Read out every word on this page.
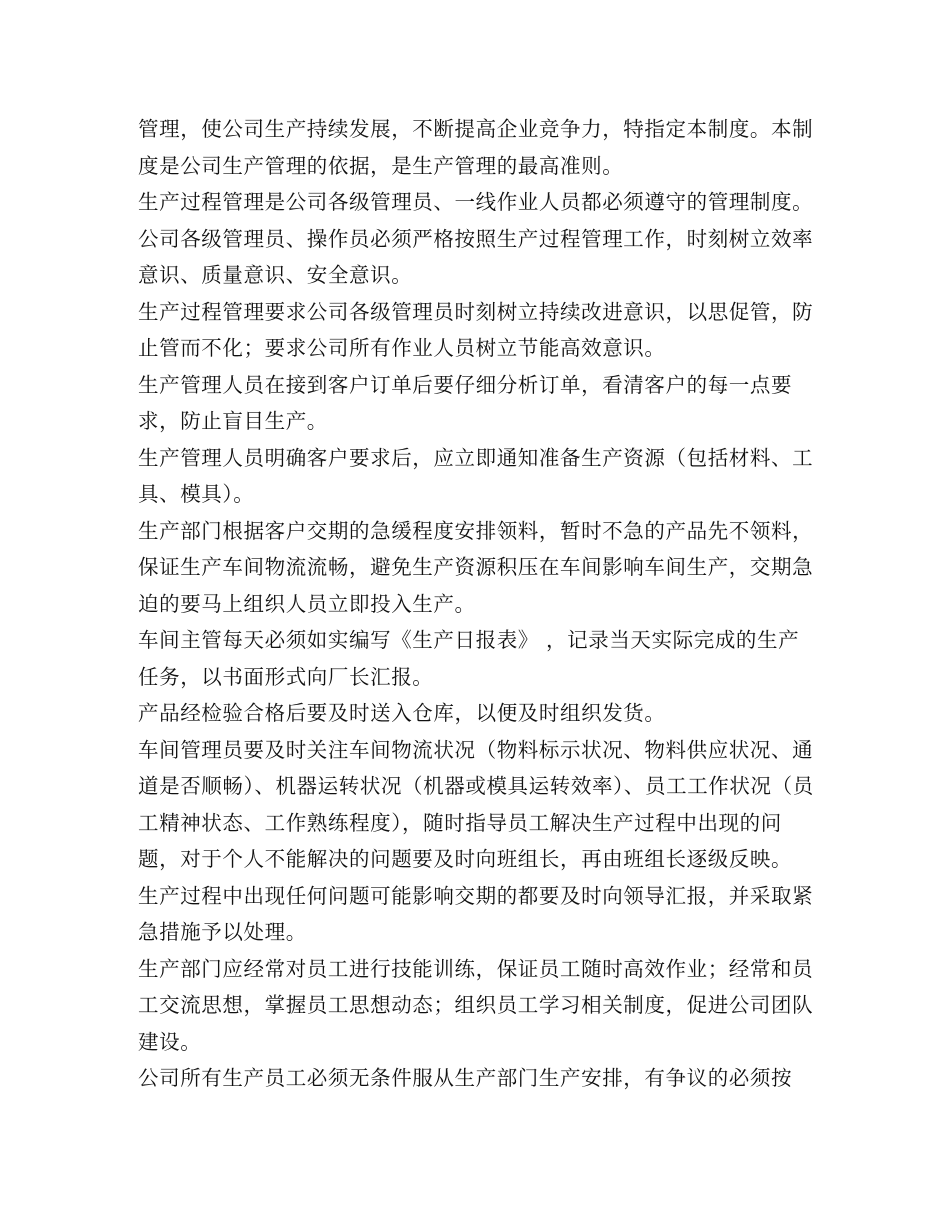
管理，使公司生产持续发展，不断提高企业竞争力，特指定本制度。本制度是公司生产管理的依据，是生产管理的最高准则。

生产过程管理是公司各级管理员、一线作业人员都必须遵守的管理制度。

公司各级管理员、操作员必须严格按照生产过程管理工作，时刻树立效率意识、质量意识、安全意识。

生产过程管理要求公司各级管理员时刻树立持续改进意识，以思促管，防止管而不化；要求公司所有作业人员树立节能高效意识。

生产管理人员在接到客户订单后要仔细分析订单，看清客户的每一点要求，防止盲目生产。

生产管理人员明确客户要求后，应立即通知准备生产资源（包括材料、工具、模具）。

生产部门根据客户交期的急缓程度安排领料，暂时不急的产品先不领料，保证生产车间物流流畅，避免生产资源积压在车间影响车间生产，交期急迫的要马上组织人员立即投入生产。

车间主管每天必须如实编写《生产日报表》 ，记录当天实际完成的生产任务，以书面形式向厂长汇报。

产品经检验合格后要及时送入仓库，以便及时组织发货。

车间管理员要及时关注车间物流状况（物料标示状况、物料供应状况、通道是否顺畅）、机器运转状况（机器或模具运转效率）、员工工作状况（员工精神状态、工作熟练程度），随时指导员工解决生产过程中出现的问题，对于个人不能解决的问题要及时向班组长，再由班组长逐级反映。

生产过程中出现任何问题可能影响交期的都要及时向领导汇报，并采取紧急措施予以处理。

生产部门应经常对员工进行技能训练，保证员工随时高效作业；经常和员工交流思想，掌握员工思想动态；组织员工学习相关制度，促进公司团队建设。

公司所有生产员工必须无条件服从生产部门生产安排，有争议的必须按
